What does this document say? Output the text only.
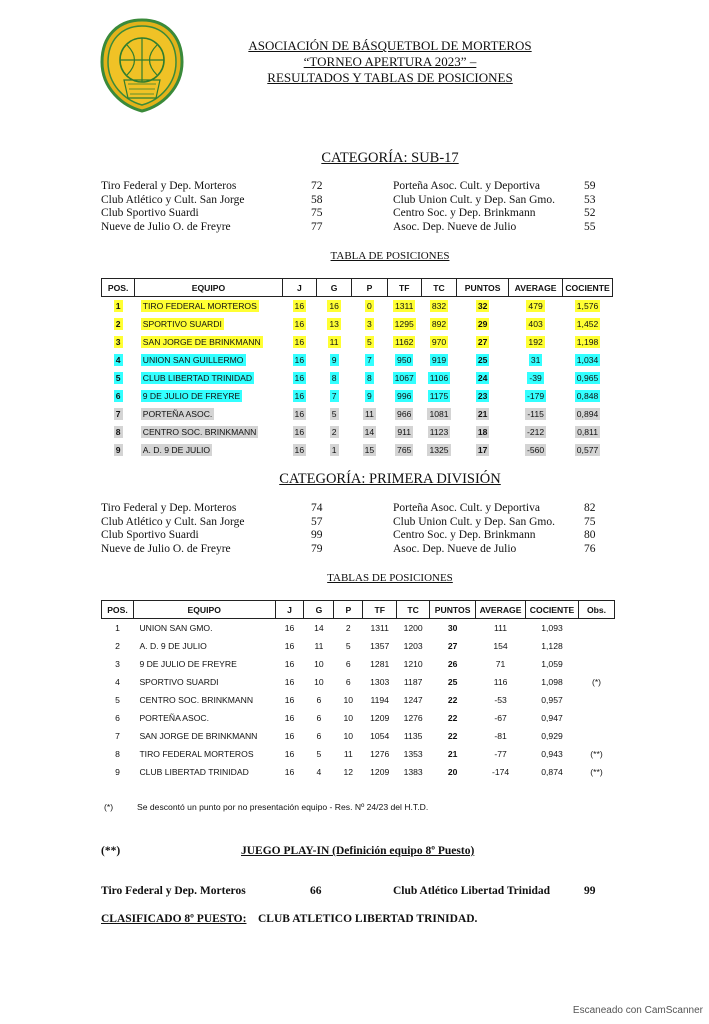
ASOCIACIÓN DE BÁSQUETBOL DE MORTEROS
“TORNEO APERTURA 2023” –
RESULTADOS Y TABLAS DE POSICIONES
CATEGORÍA: SUB-17
Tiro Federal y Dep. Morteros	72	Porteña Asoc. Cult. y Deportiva	59
Club Atlético y Cult. San Jorge	58	Club Union Cult. y Dep. San Gmo.	53
Club Sportivo Suardi	75	Centro Soc. y Dep. Brinkmann	52
Nueve de Julio O. de Freyre	77	Asoc. Dep. Nueve de Julio	55
TABLA DE POSICIONES
POS.	EQUIPO	J	G	P	TF	TC	PUNTOS	AVERAGE	COCIENTE
1	TIRO FEDERAL MORTEROS	16	16	0	1311	832	32	479	1,576
2	SPORTIVO SUARDI	16	13	3	1295	892	29	403	1,452
3	SAN JORGE DE BRINKMANN	16	11	5	1162	970	27	192	1,198
4	UNION SAN GUILLERMO	16	9	7	950	919	25	31	1,034
5	CLUB LIBERTAD TRINIDAD	16	8	8	1067	1106	24	-39	0,965
6	9 DE JULIO DE FREYRE	16	7	9	996	1175	23	-179	0,848
7	PORTEÑA ASOC.	16	5	11	966	1081	21	-115	0,894
8	CENTRO SOC. BRINKMANN	16	2	14	911	1123	18	-212	0,811
9	A. D. 9 DE JULIO	16	1	15	765	1325	17	-560	0,577
CATEGORÍA: PRIMERA DIVISIÓN
Tiro Federal y Dep. Morteros	74	Porteña Asoc. Cult. y Deportiva	82
Club Atlético y Cult. San Jorge	57	Club Union Cult. y Dep. San Gmo.	75
Club Sportivo Suardi	99	Centro Soc. y Dep. Brinkmann	80
Nueve de Julio O. de Freyre	79	Asoc. Dep. Nueve de Julio	76
TABLAS DE POSICIONES
POS.	EQUIPO	J	G	P	TF	TC	PUNTOS	AVERAGE	COCIENTE	Obs.
1	UNION SAN GMO.	16	14	2	1311	1200	30	111	1,093	
2	A. D. 9 DE JULIO	16	11	5	1357	1203	27	154	1,128	
3	9 DE JULIO DE FREYRE	16	10	6	1281	1210	26	71	1,059	
4	SPORTIVO SUARDI	16	10	6	1303	1187	25	116	1,098	(*)
5	CENTRO SOC. BRINKMANN	16	6	10	1194	1247	22	-53	0,957	
6	PORTEÑA ASOC.	16	6	10	1209	1276	22	-67	0,947	
7	SAN JORGE DE BRINKMANN	16	6	10	1054	1135	22	-81	0,929	
8	TIRO FEDERAL MORTEROS	16	5	11	1276	1353	21	-77	0,943	(**)
9	CLUB LIBERTAD TRINIDAD	16	4	12	1209	1383	20	-174	0,874	(**)
(*)	Se descontó un punto por no presentación equipo - Res. Nº 24/23 del H.T.D.
(**)	JUEGO PLAY-IN (Definición equipo 8º Puesto)
Tiro Federal y Dep. Morteros	66	Club Atlético Libertad Trinidad	99
CLASIFICADO 8º PUESTO: CLUB ATLETICO LIBERTAD TRINIDAD.
Escaneado con CamScanner
